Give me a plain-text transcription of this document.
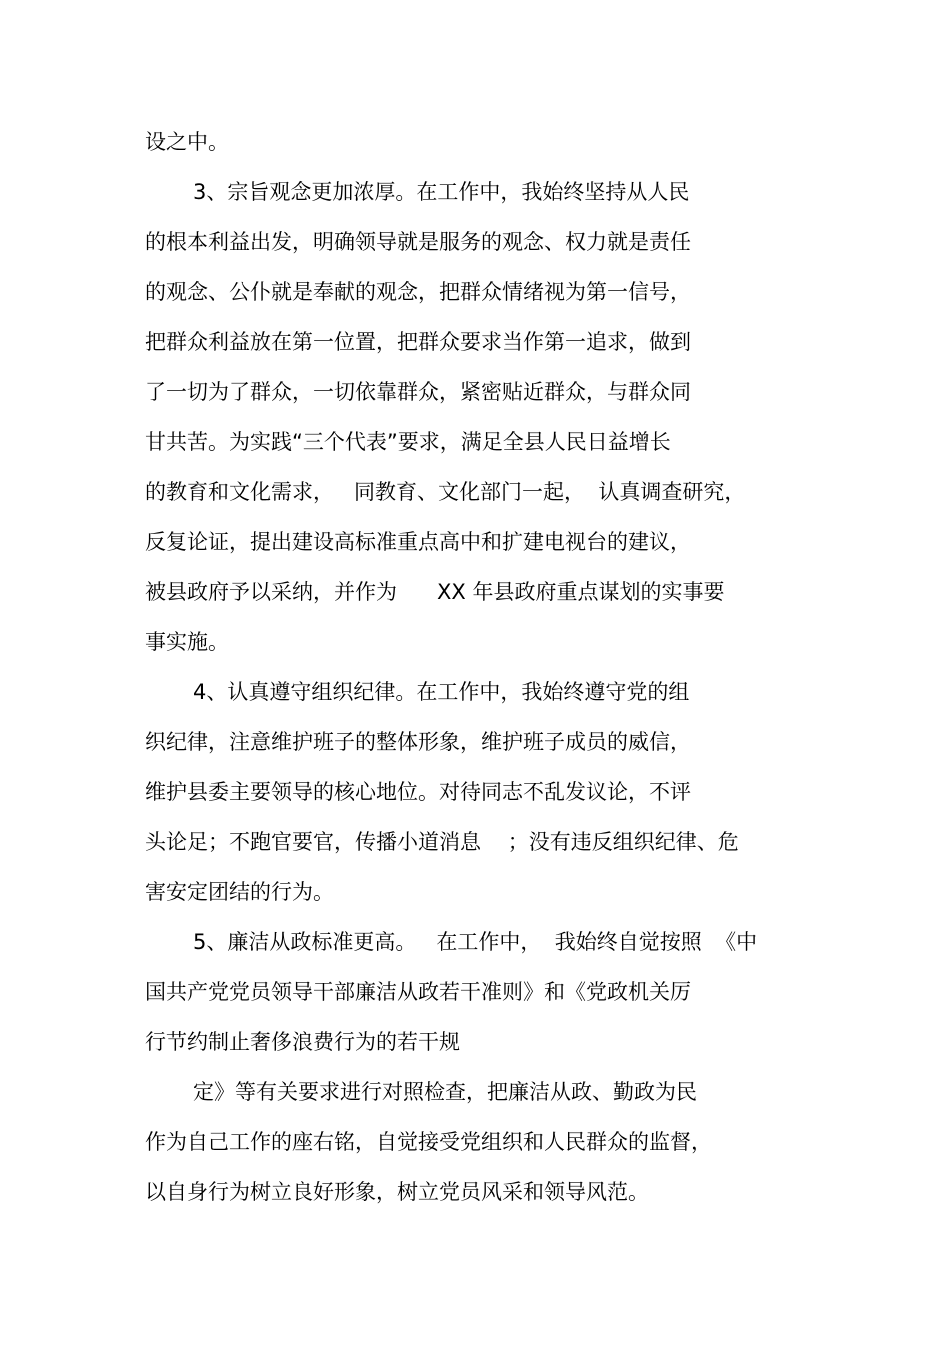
设之中。
3、宗旨观念更加浓厚。在工作中，我始终坚持从人民
的根本利益出发，明确领导就是服务的观念、权力就是责任
的观念、公仆就是奉献的观念，把群众情绪视为第一信号，
把群众利益放在第一位置，把群众要求当作第一追求，做到
了一切为了群众，一切依靠群众，紧密贴近群众，与群众同
甘共苦。为实践“三个代表”要求，满足全县人民日益增长
的教育和文化需求，   同教育、文化部门一起，  认真调查研究，
反复论证，提出建设高标准重点高中和扩建电视台的建议，
被县政府予以采纳，并作为      XX 年县政府重点谋划的实事要
事实施。
4、认真遵守组织纪律。在工作中，我始终遵守党的组
织纪律，注意维护班子的整体形象，维护班子成员的威信，
维护县委主要领导的核心地位。对待同志不乱发议论，不评
头论足；不跑官要官，传播小道消息    ；没有违反组织纪律、危
害安定团结的行为。
5、廉洁从政标准更高。   在工作中，  我始终自觉按照  《中
国共产党党员领导干部廉洁从政若干准则》和《党政机关厉
行节约制止奢侈浪费行为的若干规
定》等有关要求进行对照检查，把廉洁从政、勤政为民
作为自己工作的座右铭，自觉接受党组织和人民群众的监督，
以自身行为树立良好形象，树立党员风采和领导风范。
